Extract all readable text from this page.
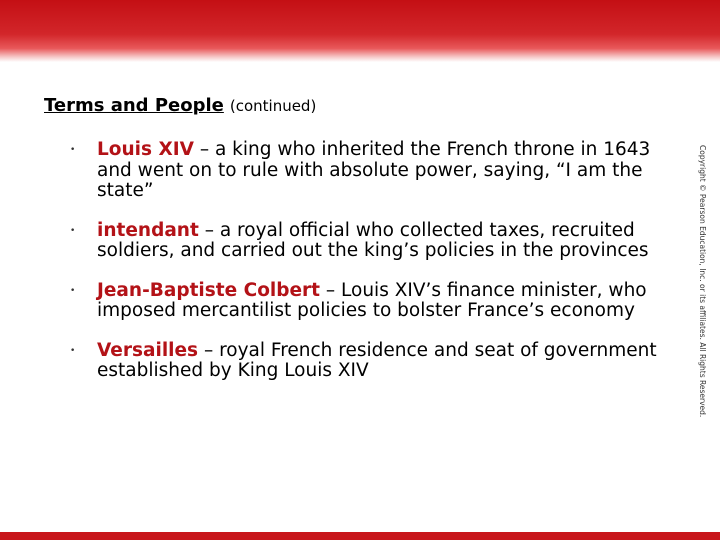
Terms and People (continued)
• Louis XIV – a king who inherited the French throne in 1643 and went on to rule with absolute power, saying, “I am the state”
• intendant – a royal official who collected taxes, recruited soldiers, and carried out the king’s policies in the provinces
• Jean-Baptiste Colbert – Louis XIV’s finance minister, who imposed mercantilist policies to bolster France’s economy
• Versailles – royal French residence and seat of government established by King Louis XIV	Copyright © Pearson Education, Inc. or its affiliates. All Rights Reserved.
